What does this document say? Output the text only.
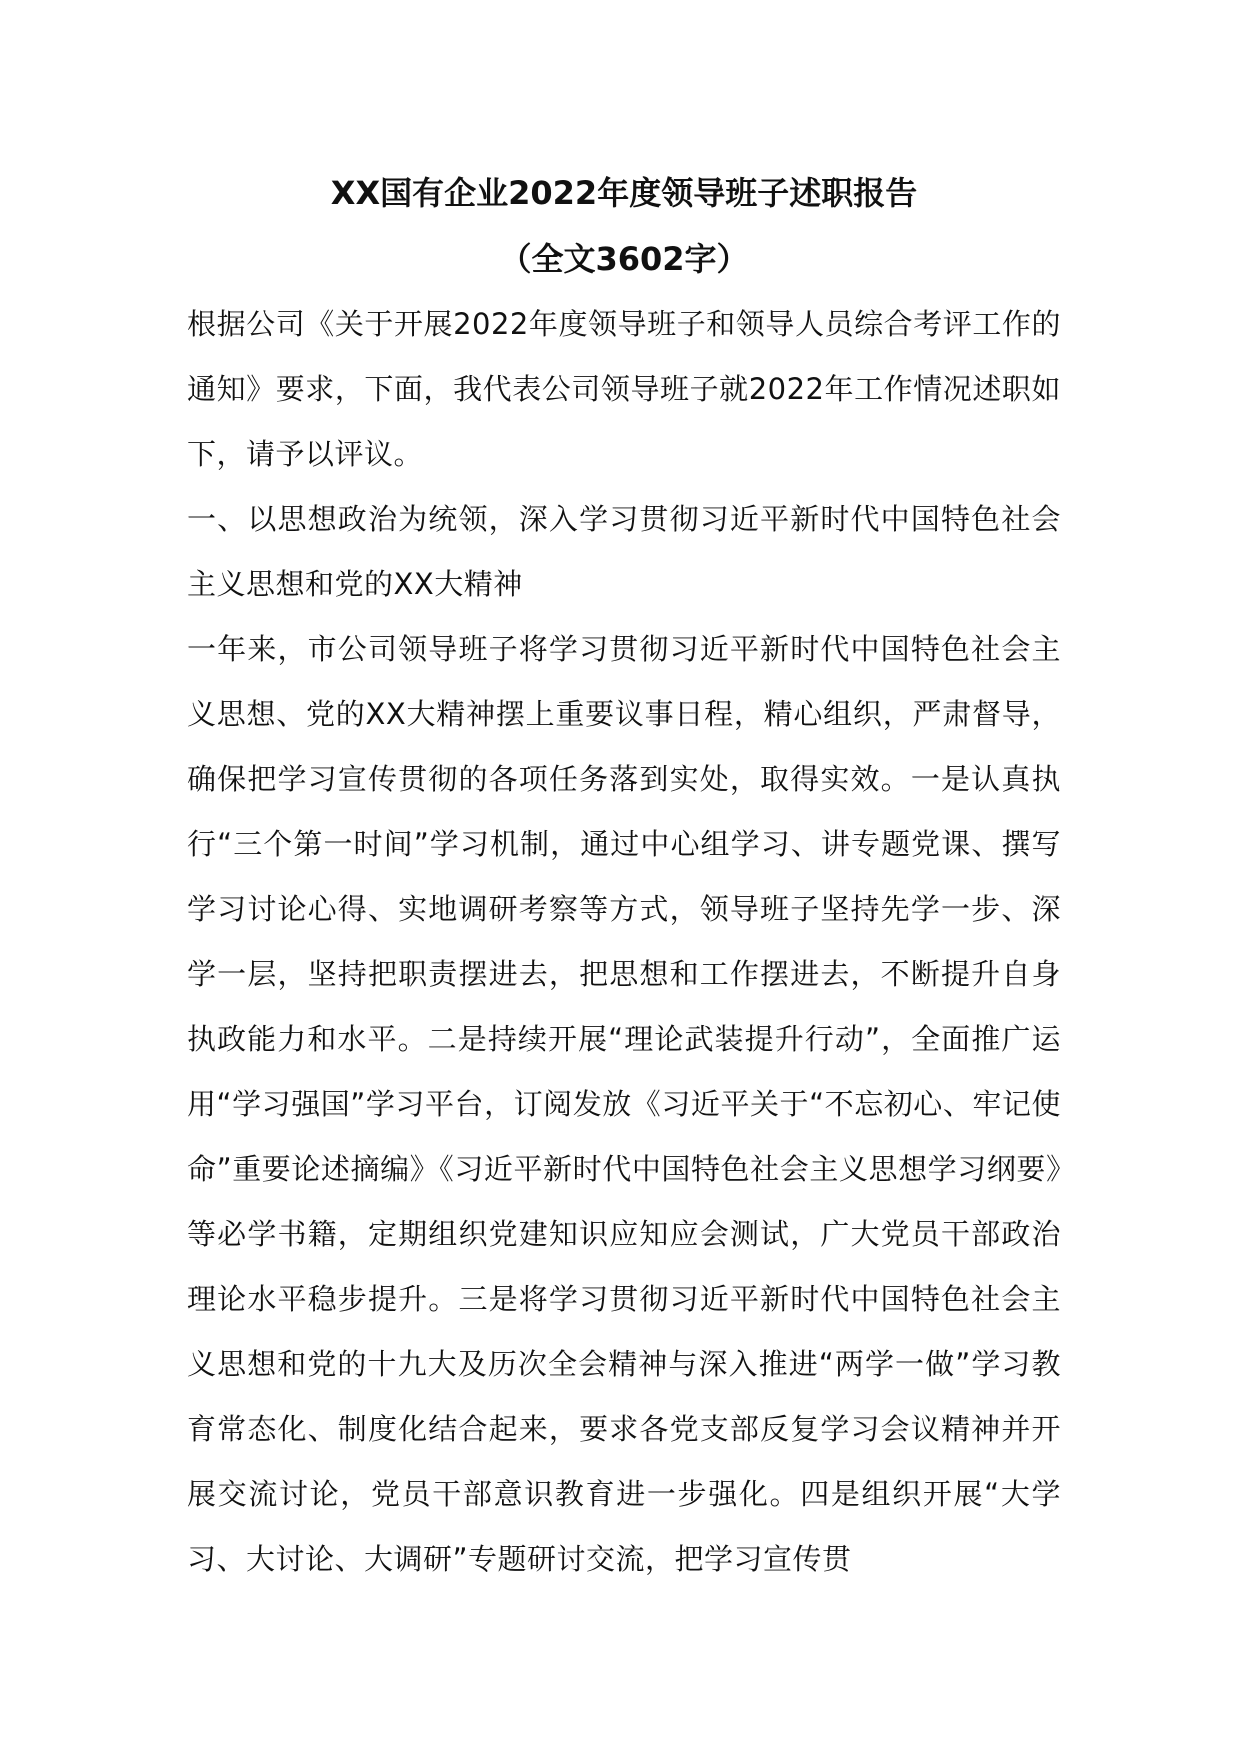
XX国有企业2022年度领导班子述职报告
（全文3602字）

根据公司《关于开展2022年度领导班子和领导人员综合考评工作的通知》要求，下面，我代表公司领导班子就2022年工作情况述职如下，请予以评议。

一、以思想政治为统领，深入学习贯彻习近平新时代中国特色社会主义思想和党的XX大精神

一年来，市公司领导班子将学习贯彻习近平新时代中国特色社会主义思想、党的XX大精神摆上重要议事日程，精心组织，严肃督导，确保把学习宣传贯彻的各项任务落到实处，取得实效。一是认真执行“三个第一时间”学习机制，通过中心组学习、讲专题党课、撰写学习讨论心得、实地调研考察等方式，领导班子坚持先学一步、深学一层，坚持把职责摆进去，把思想和工作摆进去，不断提升自身执政能力和水平。二是持续开展“理论武装提升行动”，全面推广运用“学习强国”学习平台，订阅发放《习近平关于“不忘初心、牢记使命”重要论述摘编》《习近平新时代中国特色社会主义思想学习纲要》等必学书籍，定期组织党建知识应知应会测试，广大党员干部政治理论水平稳步提升。三是将学习贯彻习近平新时代中国特色社会主义思想和党的十九大及历次全会精神与深入推进“两学一做”学习教育常态化、制度化结合起来，要求各党支部反复学习会议精神并开展交流讨论，党员干部意识教育进一步强化。四是组织开展“大学习、大讨论、大调研”专题研讨交流，把学习宣传贯
